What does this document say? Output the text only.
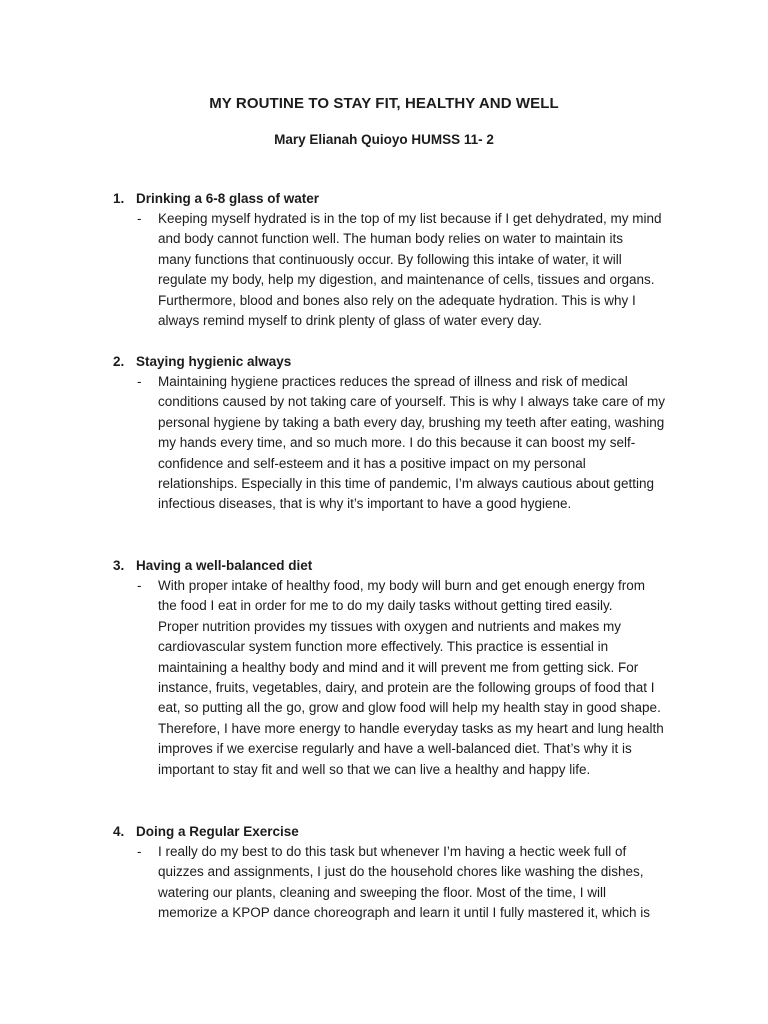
MY ROUTINE TO STAY FIT, HEALTHY AND WELL
Mary Elianah Quioyo HUMSS 11- 2
1. Drinking a 6-8 glass of water
- Keeping myself hydrated is in the top of my list because if I get dehydrated, my mind
and body cannot function well. The human body relies on water to maintain its
many functions that continuously occur. By following this intake of water, it will
regulate my body, help my digestion, and maintenance of cells, tissues and organs.
Furthermore, blood and bones also rely on the adequate hydration. This is why I
always remind myself to drink plenty of glass of water every day.
2. Staying hygienic always
- Maintaining hygiene practices reduces the spread of illness and risk of medical
conditions caused by not taking care of yourself. This is why I always take care of my
personal hygiene by taking a bath every day, brushing my teeth after eating, washing
my hands every time, and so much more. I do this because it can boost my self-
confidence and self-esteem and it has a positive impact on my personal
relationships. Especially in this time of pandemic, I’m always cautious about getting
infectious diseases, that is why it’s important to have a good hygiene.
3. Having a well-balanced diet
- With proper intake of healthy food, my body will burn and get enough energy from
the food I eat in order for me to do my daily tasks without getting tired easily.
Proper nutrition provides my tissues with oxygen and nutrients and makes my
cardiovascular system function more effectively. This practice is essential in
maintaining a healthy body and mind and it will prevent me from getting sick. For
instance, fruits, vegetables, dairy, and protein are the following groups of food that I
eat, so putting all the go, grow and glow food will help my health stay in good shape.
Therefore, I have more energy to handle everyday tasks as my heart and lung health
improves if we exercise regularly and have a well-balanced diet. That’s why it is
important to stay fit and well so that we can live a healthy and happy life.
4. Doing a Regular Exercise
- I really do my best to do this task but whenever I’m having a hectic week full of
quizzes and assignments, I just do the household chores like washing the dishes,
watering our plants, cleaning and sweeping the floor. Most of the time, I will
memorize a KPOP dance choreograph and learn it until I fully mastered it, which is
